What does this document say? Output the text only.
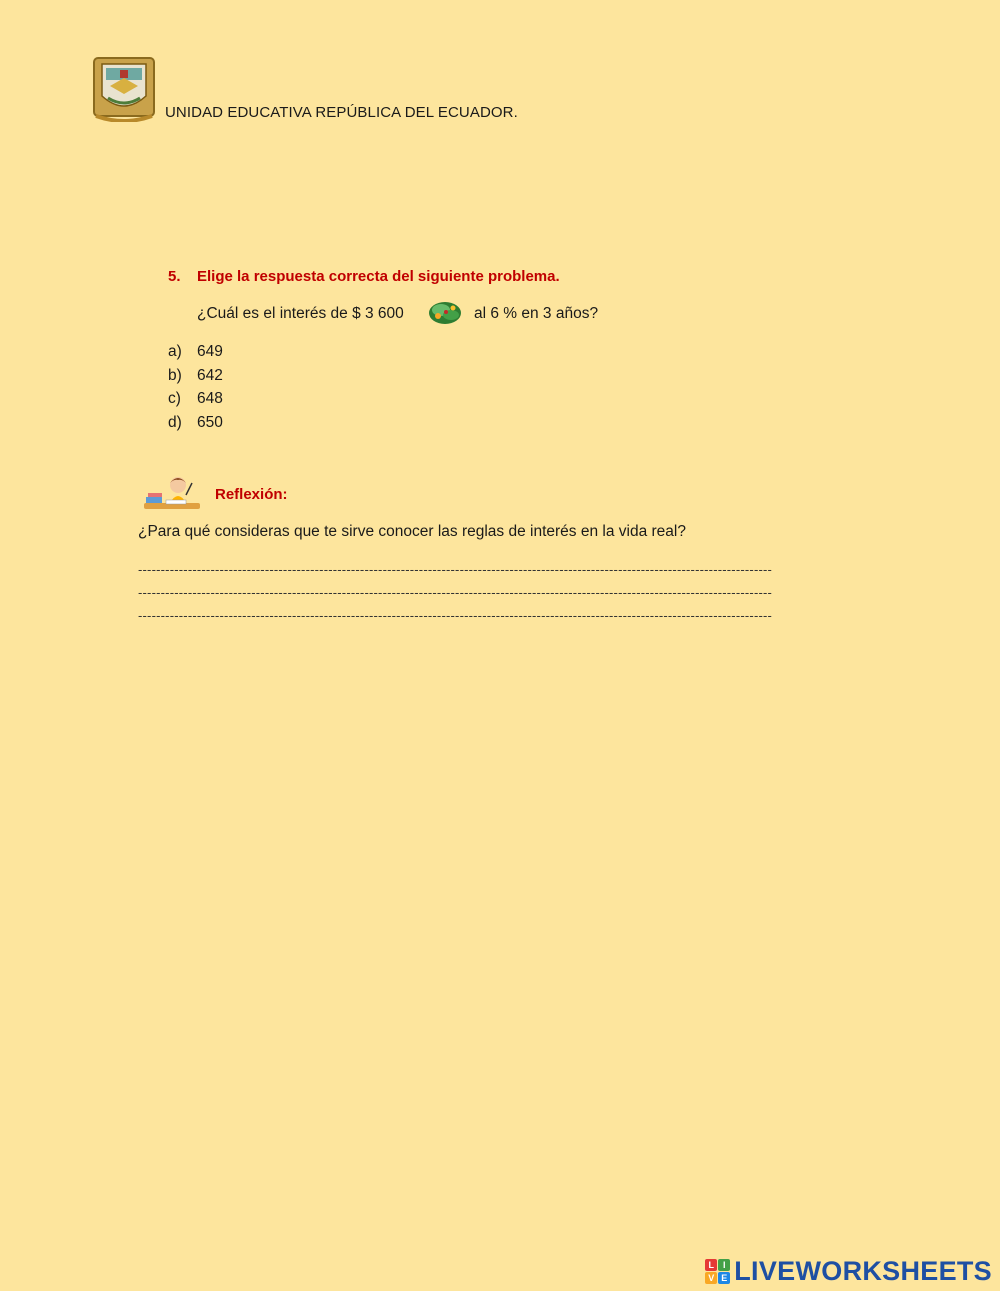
UNIDAD EDUCATIVA REPÚBLICA DEL ECUADOR.
5. Elige la respuesta correcta del siguiente problema.
¿Cuál es el interés de $ 3 600	al 6 % en 3 años?
a) 649
b) 642
c) 648
d) 650
Reflexión:
¿Para qué consideras que te sirve conocer las reglas de interés en la vida real?
--------------------------------------------------------------------------------------------------------------------------------------------
--------------------------------------------------------------------------------------------------------------------------------------------
--------------------------------------------------------------------------------------------------------------------------------------------
L I
V E LIVEWORKSHEETS
